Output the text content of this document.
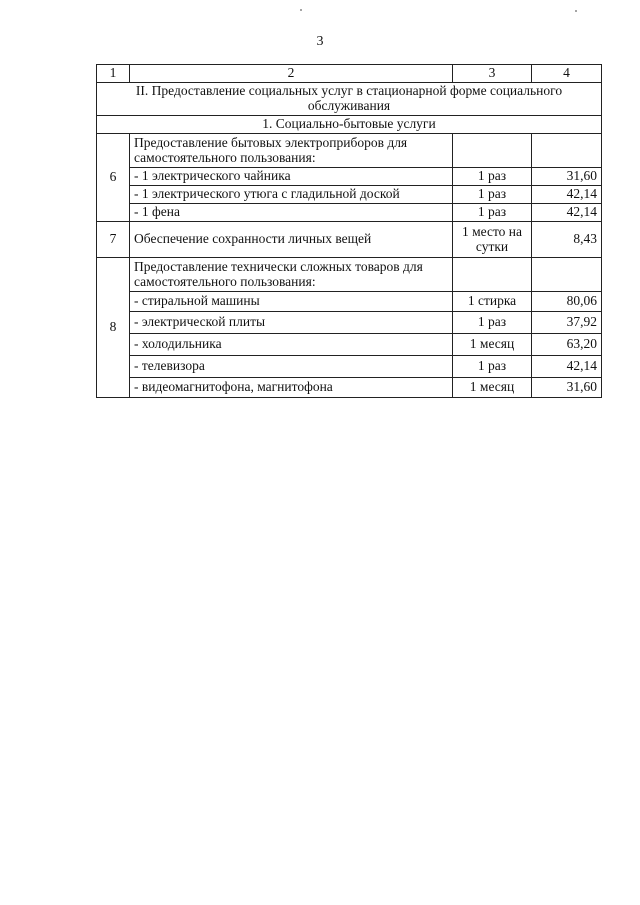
3
1	2	3	4
II. Предоставление социальных услуг в стационарной форме социального обслуживания			
1. Социально-бытовые услуги			
6	Предоставление бытовых электроприборов для самостоятельного пользования:		
	- 1 электрического чайника	1 раз	31,60
	- 1 электрического утюга с гладильной доской	1 раз	42,14
	- 1 фена	1 раз	42,14
7	Обеспечение сохранности личных вещей	1 место на сутки	8,43
8	Предоставление технически сложных товаров для самостоятельного пользования:		
	- стиральной машины	1 стирка	80,06
	- электрической плиты	1 раз	37,92
	- холодильника	1 месяц	63,20
	- телевизора	1 раз	42,14
	- видеомагнитофона, магнитофона	1 месяц	31,60
